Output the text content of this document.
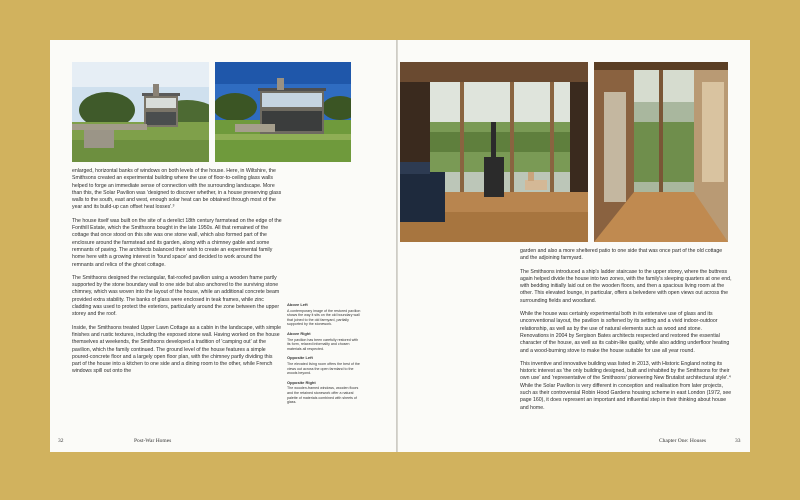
enlarged, horizontal banks of windows on both levels of the house. Here, in Wiltshire, the Smithsons created an experimental building where the use of floor-to-ceiling glass walls helped to forge an immediate sense of connection with the surrounding landscape. More than this, the Solar Pavilion was 'designed to discover whether, in a house preserving glass walls to the south, east and west, enough solar heat can be obtained through most of the year and its build-up can offset heat losses'.³

The house itself was built on the site of a derelict 18th century farmstead on the edge of the Fonthill Estate, which the Smithsons bought in the late 1950s. All that remained of the cottage that once stood on this site was one stone wall, which also formed part of the enclosure around the farmstead and its garden, along with a chimney gable and some remnants of paving. The architects balanced their wish to create an experimental family home here with a growing interest in 'found space' and decided to work around the remnants and relics of the ghost cottage.

The Smithsons designed the rectangular, flat-roofed pavilion using a wooden frame partly supported by the stone boundary wall to one side but also anchored to the surviving stone chimney, which was woven into the layout of the house, while an additional concrete beam provided extra stability. The banks of glass were enclosed in teak frames, while zinc cladding was used to protect the exteriors, particularly around the zone between the upper storey and the roof.

Inside, the Smithsons treated Upper Lawn Cottage as a cabin in the landscape, with simple finishes and rustic textures, including the exposed stone wall. Having worked on the house themselves at weekends, the Smithsons developed a tradition of 'camping out' at the pavilion, which the family continued. The ground level of the house features a simple poured-concrete floor and a largely open floor plan, with the chimney partly dividing this part of the house into a kitchen to one side and a dining room to the other, while French windows spill out onto the

Above Left
A contemporary image of the restored pavilion shows the way it sits on the old boundary wall that joined to the old farmyard, partially supported by the stonework.
Above Right
The pavilion has been carefully restored with its form, relaxed informality and chosen materials all respected.
Opposite Left
The elevated living room offers the best of the views out across the open farmland to the woods beyond.
Opposite Right
The wooden-framed windows, wooden floors and the retained stonework offer a natural palette of materials combined with sheets of glass.
32	Post-War Homes

garden and also a more sheltered patio to one side that was once part of the old cottage and the adjoining farmyard.

The Smithsons introduced a ship's ladder staircase to the upper storey, where the buttress again helped divide the house into two zones, with the family's sleeping quarters at one end, with bedding initially laid out on the wooden floors, and then a spacious living room at the other. This elevated lounge, in particular, offers a belvedere with open views out across the surrounding fields and woodland.

While the house was certainly experimental both in its extensive use of glass and its unconventional layout, the pavilion is softened by its setting and a vivid indoor-outdoor relationship, as well as by the use of natural elements such as wood and stone. Renovations in 2004 by Sergison Bates architects respected and restored the essential character of the house, as well as its cabin-like quality, while also adding underfloor heating and a wood-burning stove to make the house suitable for use all year round.

This inventive and innovative building was listed in 2013, with Historic England noting its historic interest as 'the only building designed, built and inhabited by the Smithsons for their own use' and 'representative of the Smithsons' pioneering New Brutalist architectural style'.⁴ While the Solar Pavilion is very different in conception and realisation from later projects, such as their controversial Robin Hood Gardens housing scheme in east London (1972, see page 160), it does represent an important and influential step in their thinking about house and home.

Chapter One: Houses	33
